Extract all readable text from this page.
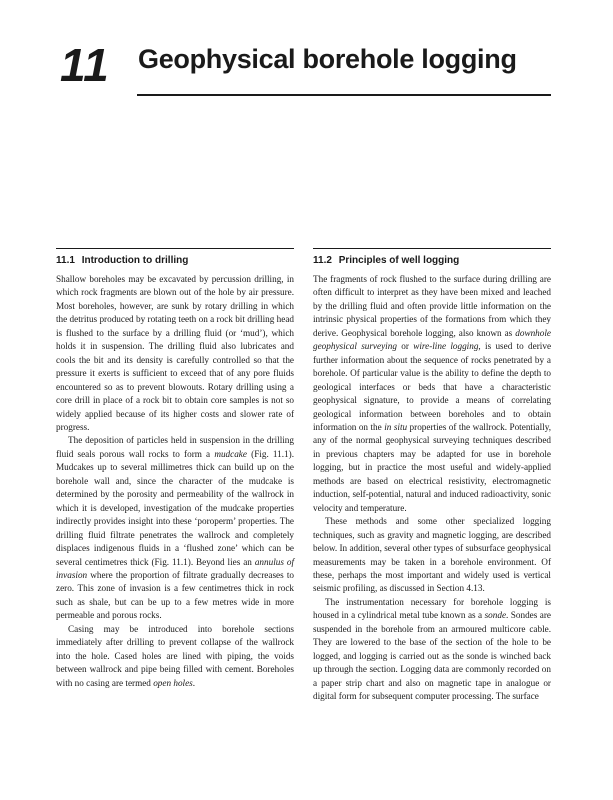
11 Geophysical borehole logging
11.1 Introduction to drilling

Shallow boreholes may be excavated by percussion drilling, in which rock fragments are blown out of the hole by air pressure. Most boreholes, however, are sunk by rotary drilling in which the detritus produced by rotating teeth on a rock bit drilling head is flushed to the surface by a drilling fluid (or ‘mud’), which holds it in suspension. The drilling fluid also lubricates and cools the bit and its density is carefully controlled so that the pressure it exerts is sufficient to exceed that of any pore fluids encountered so as to prevent blowouts. Rotary drilling using a core drill in place of a rock bit to obtain core samples is not so widely applied because of its higher costs and slower rate of progress.

The deposition of particles held in suspension in the drilling fluid seals porous wall rocks to form a mudcake (Fig. 11.1). Mudcakes up to several millimetres thick can build up on the borehole wall and, since the character of the mudcake is determined by the porosity and permeability of the wallrock in which it is developed, investigation of the mudcake properties indirectly provides insight into these ‘poroperm’ properties. The drilling fluid filtrate penetrates the wallrock and completely displaces indigenous fluids in a ‘flushed zone’ which can be several centimetres thick (Fig. 11.1). Beyond lies an annulus of invasion where the proportion of filtrate gradually decreases to zero. This zone of invasion is a few centimetres thick in rock such as shale, but can be up to a few metres wide in more permeable and porous rocks.

Casing may be introduced into borehole sections immediately after drilling to prevent collapse of the wallrock into the hole. Cased holes are lined with piping, the voids between wallrock and pipe being filled with cement. Boreholes with no casing are termed open holes.

11.2 Principles of well logging

The fragments of rock flushed to the surface during drilling are often difficult to interpret as they have been mixed and leached by the drilling fluid and often provide little information on the intrinsic physical properties of the formations from which they derive. Geophysical borehole logging, also known as downhole geophysical surveying or wire-line logging, is used to derive further information about the sequence of rocks penetrated by a borehole. Of particular value is the ability to define the depth to geological interfaces or beds that have a characteristic geophysical signature, to provide a means of correlating geological information between boreholes and to obtain information on the in situ properties of the wallrock. Potentially, any of the normal geophysical surveying techniques described in previous chapters may be adapted for use in borehole logging, but in practice the most useful and widely-applied methods are based on electrical resistivity, electromagnetic induction, self-potential, natural and induced radioactivity, sonic velocity and temperature.

These methods and some other specialized logging techniques, such as gravity and magnetic logging, are described below. In addition, several other types of subsurface geophysical measurements may be taken in a borehole environment. Of these, perhaps the most important and widely used is vertical seismic profiling, as discussed in Section 4.13.

The instrumentation necessary for borehole logging is housed in a cylindrical metal tube known as a sonde. Sondes are suspended in the borehole from an armoured multicore cable. They are lowered to the base of the section of the hole to be logged, and logging is carried out as the sonde is winched back up through the section. Logging data are commonly recorded on a paper strip chart and also on magnetic tape in analogue or digital form for subsequent computer processing. The surface
